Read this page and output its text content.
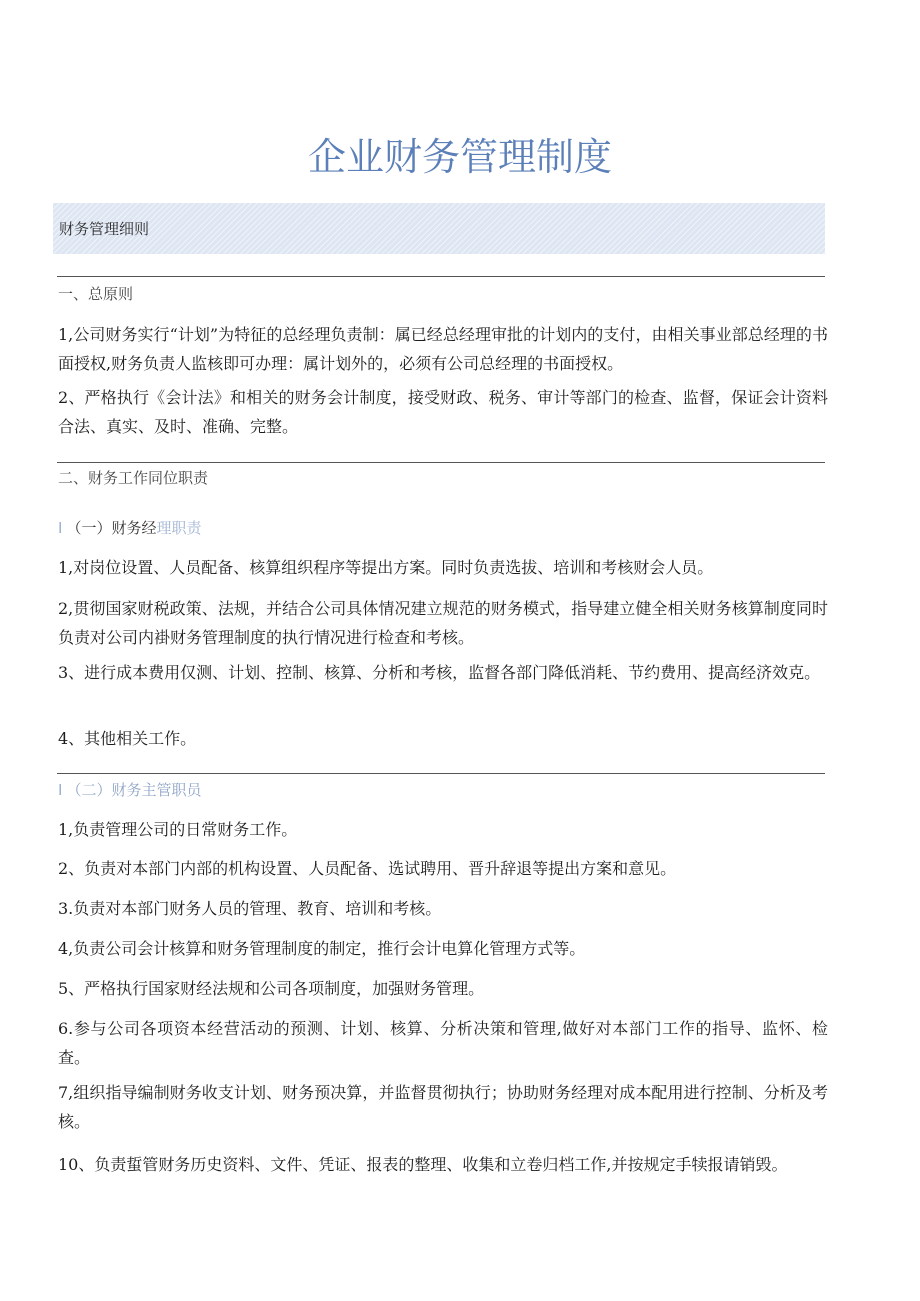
企业财务管理制度
财务管理细则
一、总原则

1,公司财务实行“计划”为特征的总经理负责制：属已经总经理审批的计划内的支付，由相关事业部总经理的书面授权,财务负责人监核即可办理：属计划外的，必须有公司总经理的书面授权。

2、严格执行《会计法》和相关的财务会计制度，接受财政、税务、审计等部门的检查、监督，保证会计资料合法、真实、及时、准确、完整。

二、财务工作同位职责
I （一）财务经理职责

1,对岗位设置、人员配备、核算组织程序等提出方案。同时负责选拔、培训和考核财会人员。

2,贯彻国家财税政策、法规，并结合公司具体情况建立规范的财务模式，指导建立健全相关财务核算制度同时负责对公司内褂财务管理制度的执行情况进行检查和考核。

3、进行成本费用仅测、计划、控制、核算、分析和考核，监督各部门降低消耗、节约费用、提高经济效克。

4、其他相关工作。

I （二）财务主管职员

1,负责管理公司的日常财务工作。

2、负责对本部门内部的机构设置、人员配备、选试聘用、晋升辞退等提出方案和意见。

3.负责对本部门财务人员的管理、教育、培训和考核。

4,负责公司会计核算和财务管理制度的制定，推行会计电算化管理方式等。

5、严格执行国家财经法规和公司各项制度，加强财务管理。

6.参与公司各项资本经营活动的预测、计划、核算、分析决策和管理,做好对本部门工作的指导、监怀、检查。

7,组织指导编制财务收支计划、财务预决算，并监督贯彻执行；协助财务经理对成本配用进行控制、分析及考核。

10、负责蜇管财务历史资料、文件、凭证、报表的整理、收集和立卷归档工作,并按规定手犊报请销毁。
